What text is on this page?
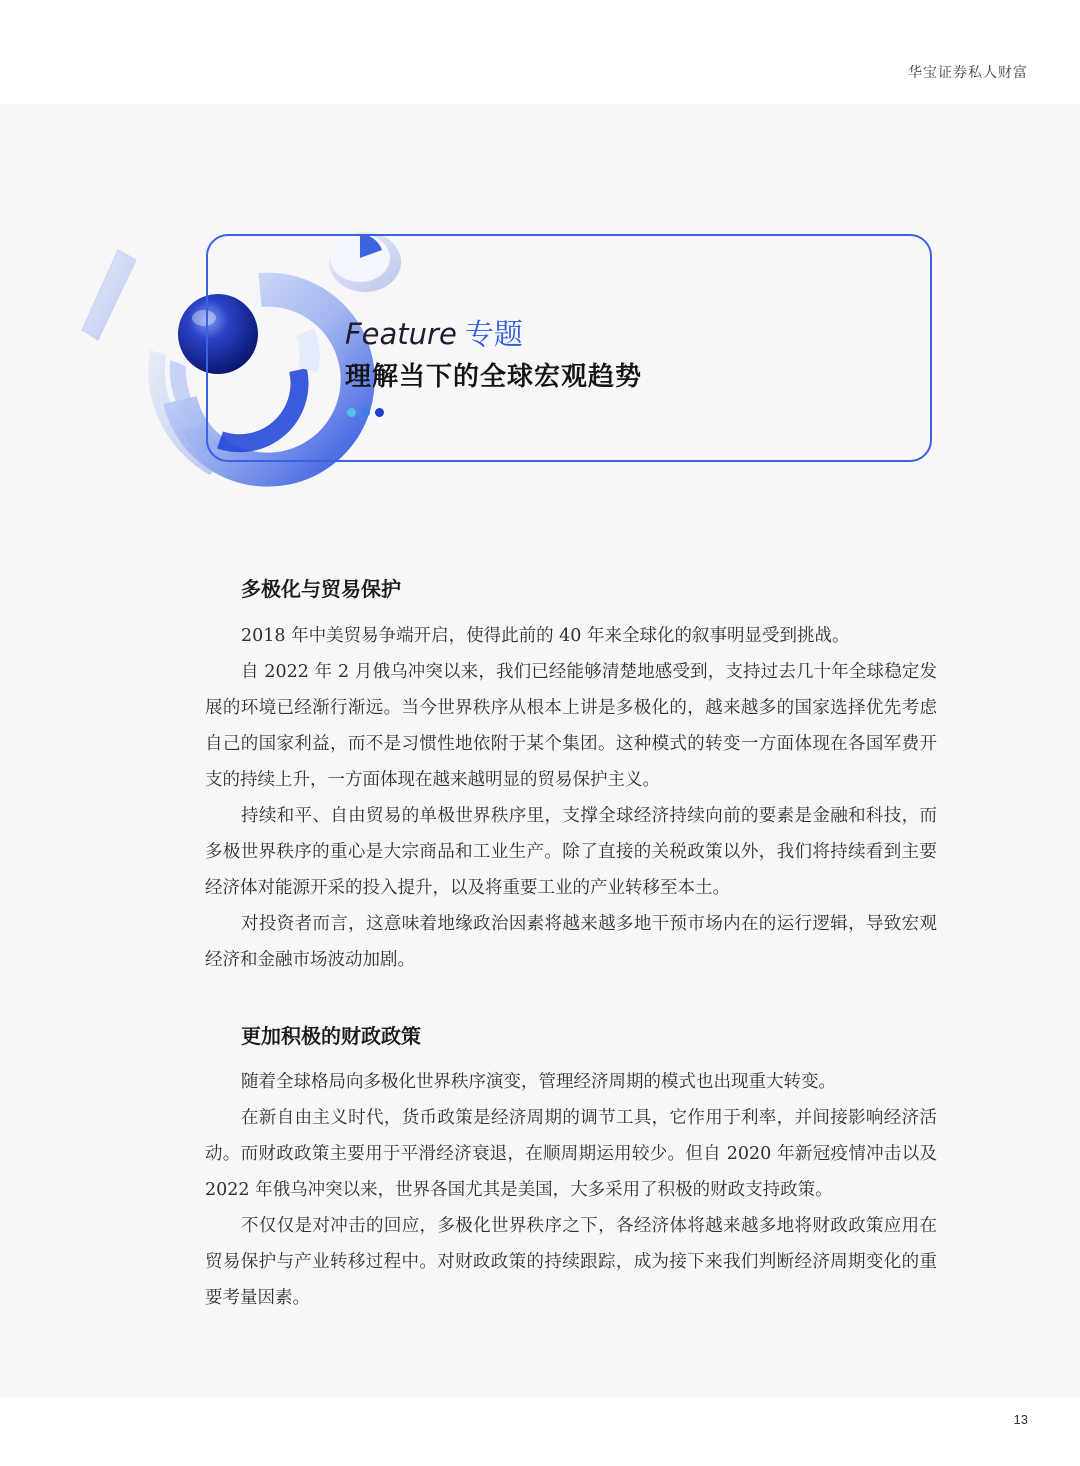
华宝证券私人财富
Feature 专题
理解当下的全球宏观趋势
多极化与贸易保护

2018 年中美贸易争端开启，使得此前的 40 年来全球化的叙事明显受到挑战。

自 2022 年 2 月俄乌冲突以来，我们已经能够清楚地感受到，支持过去几十年全球稳定发展的环境已经渐行渐远。当今世界秩序从根本上讲是多极化的，越来越多的国家选择优先考虑自己的国家利益，而不是习惯性地依附于某个集团。这种模式的转变一方面体现在各国军费开支的持续上升，一方面体现在越来越明显的贸易保护主义。

持续和平、自由贸易的单极世界秩序里，支撑全球经济持续向前的要素是金融和科技，而多极世界秩序的重心是大宗商品和工业生产。除了直接的关税政策以外，我们将持续看到主要经济体对能源开采的投入提升，以及将重要工业的产业转移至本土。

对投资者而言，这意味着地缘政治因素将越来越多地干预市场内在的运行逻辑，导致宏观经济和金融市场波动加剧。

更加积极的财政政策

随着全球格局向多极化世界秩序演变，管理经济周期的模式也出现重大转变。

在新自由主义时代，货币政策是经济周期的调节工具，它作用于利率，并间接影响经济活动。而财政政策主要用于平滑经济衰退，在顺周期运用较少。但自 2020 年新冠疫情冲击以及 2022 年俄乌冲突以来，世界各国尤其是美国，大多采用了积极的财政支持政策。

不仅仅是对冲击的回应，多极化世界秩序之下，各经济体将越来越多地将财政政策应用在贸易保护与产业转移过程中。对财政政策的持续跟踪，成为接下来我们判断经济周期变化的重要考量因素。

13
